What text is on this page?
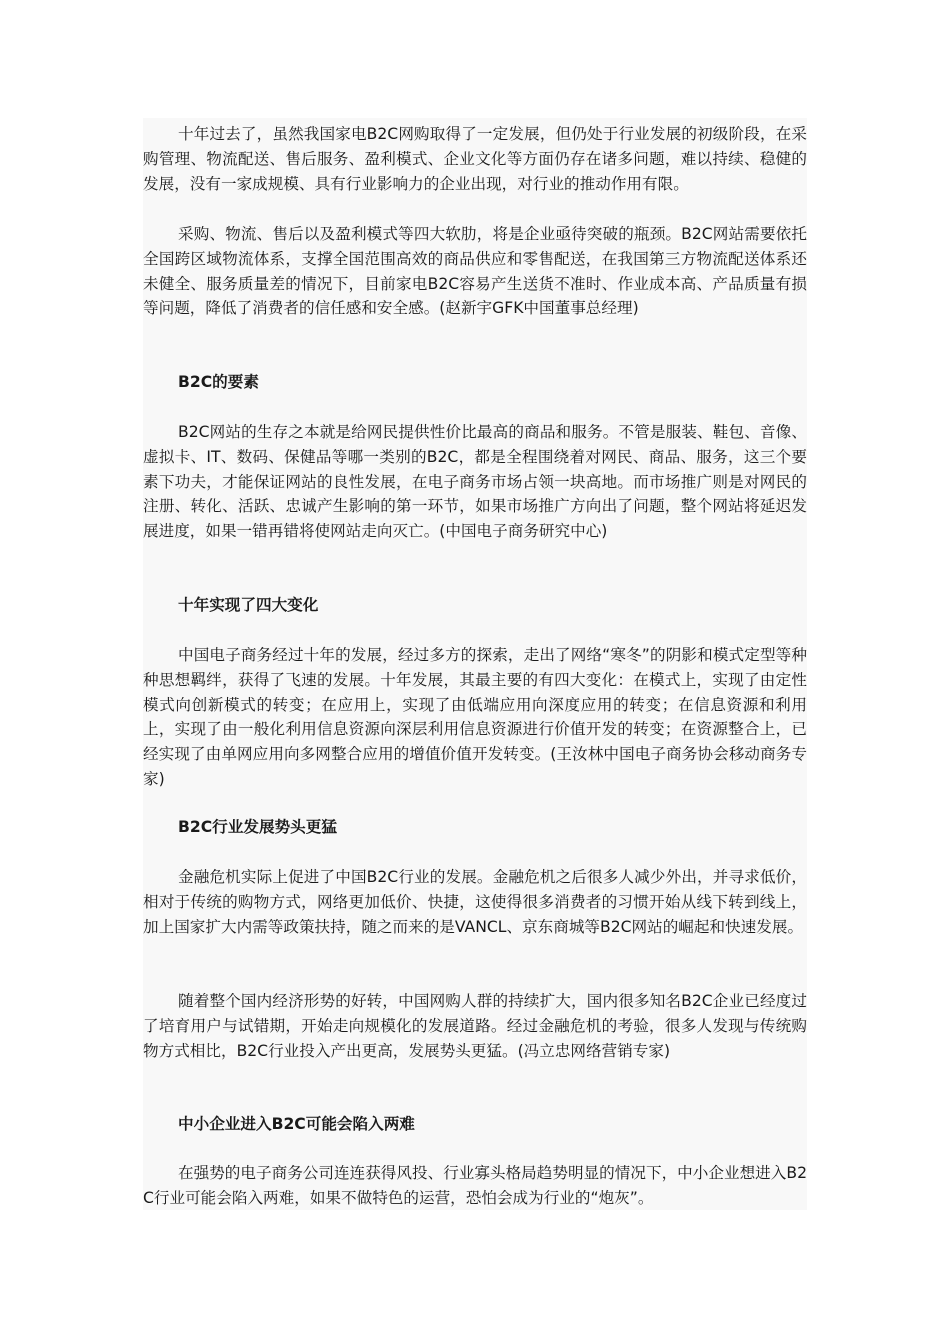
十年过去了，虽然我国家电B2C网购取得了一定发展，但仍处于行业发展的初级阶段，在采购管理、物流配送、售后服务、盈利模式、企业文化等方面仍存在诸多问题，难以持续、稳健的发展，没有一家成规模、具有行业影响力的企业出现，对行业的推动作用有限。

采购、物流、售后以及盈利模式等四大软肋，将是企业亟待突破的瓶颈。B2C网站需要依托全国跨区域物流体系，支撑全国范围高效的商品供应和零售配送，在我国第三方物流配送体系还未健全、服务质量差的情况下，目前家电B2C容易产生送货不准时、作业成本高、产品质量有损等问题，降低了消费者的信任感和安全感。(赵新宇GFK中国董事总经理)

B2C的要素

B2C网站的生存之本就是给网民提供性价比最高的商品和服务。不管是服装、鞋包、音像、虚拟卡、IT、数码、保健品等哪一类别的B2C，都是全程围绕着对网民、商品、服务，这三个要素下功夫，才能保证网站的良性发展，在电子商务市场占领一块高地。而市场推广则是对网民的注册、转化、活跃、忠诚产生影响的第一环节，如果市场推广方向出了问题，整个网站将延迟发展进度，如果一错再错将使网站走向灭亡。(中国电子商务研究中心)

十年实现了四大变化

中国电子商务经过十年的发展，经过多方的探索，走出了网络“寒冬”的阴影和模式定型等种种思想羁绊，获得了飞速的发展。十年发展，其最主要的有四大变化：在模式上，实现了由定性模式向创新模式的转变；在应用上，实现了由低端应用向深度应用的转变；在信息资源和利用上，实现了由一般化利用信息资源向深层利用信息资源进行价值开发的转变；在资源整合上，已经实现了由单网应用向多网整合应用的增值价值开发转变。(王汝林中国电子商务协会移动商务专家)

B2C行业发展势头更猛

金融危机实际上促进了中国B2C行业的发展。金融危机之后很多人减少外出，并寻求低价，相对于传统的购物方式，网络更加低价、快捷，这使得很多消费者的习惯开始从线下转到线上，加上国家扩大内需等政策扶持，随之而来的是VANCL、京东商城等B2C网站的崛起和快速发展。

随着整个国内经济形势的好转，中国网购人群的持续扩大，国内很多知名B2C企业已经度过了培育用户与试错期，开始走向规模化的发展道路。经过金融危机的考验，很多人发现与传统购物方式相比，B2C行业投入产出更高，发展势头更猛。(冯立忠网络营销专家)

中小企业进入B2C可能会陷入两难

在强势的电子商务公司连连获得风投、行业寡头格局趋势明显的情况下，中小企业想进入B2C行业可能会陷入两难，如果不做特色的运营，恐怕会成为行业的“炮灰”。
